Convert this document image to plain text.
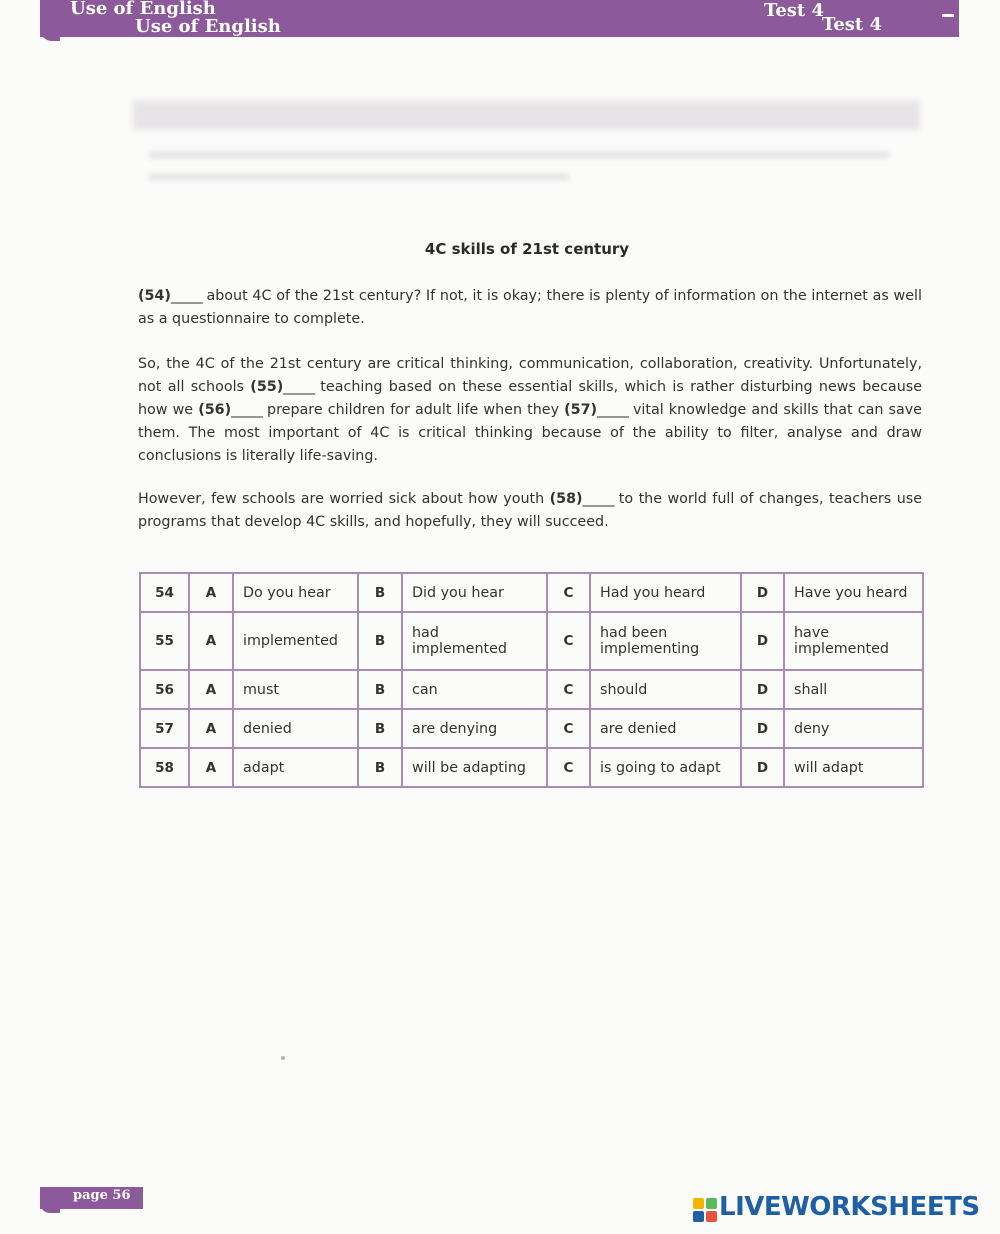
Use of English
Use of English
Test 4
Test 4
4C skills of 21st century
(54)_____ about 4C of the 21st century? If not, it is okay; there is plenty of information on the internet as well as a questionnaire to complete.
So, the 4C of the 21st century are critical thinking, communication, collaboration, creativity. Unfortunately, not all schools (55)_____ teaching based on these essential skills, which is rather disturbing news because how we (56)_____ prepare children for adult life when they (57)_____ vital knowledge and skills that can save them. The most important of 4C is critical thinking because of the ability to filter, analyse and draw conclusions is literally life-saving.
However, few schools are worried sick about how youth (58)_____ to the world full of changes, teachers use programs that develop 4C skills, and hopefully, they will succeed.
54	A	Do you hear	B	Did you hear	C	Had you heard	D	Have you heard
55	A	implemented	B	had implemented	C	had been implementing	D	have implemented
56	A	must	B	can	C	should	D	shall
57	A	denied	B	are denying	C	are denied	D	deny
58	A	adapt	B	will be adapting	C	is going to adapt	D	will adapt
page 56	LIVEWORKSHEETS
